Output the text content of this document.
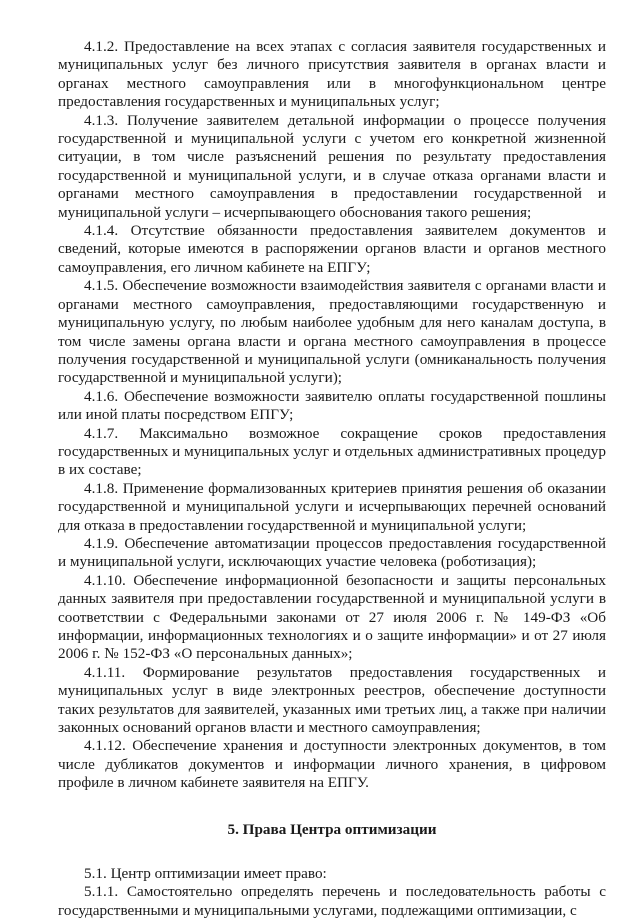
4.1.2. Предоставление на всех этапах с согласия заявителя государственных и муниципальных услуг без личного присутствия заявителя в органах власти и органах местного самоуправления или в многофункциональном центре предоставления государственных и муниципальных услуг;

4.1.3. Получение заявителем детальной информации о процессе получения государственной и муниципальной услуги с учетом его конкретной жизненной ситуации, в том числе разъяснений решения по результату предоставления государственной и муниципальной услуги, и в случае отказа органами власти и органами местного самоуправления в предоставлении государственной и муниципальной услуги – исчерпывающего обоснования такого решения;

4.1.4. Отсутствие обязанности предоставления заявителем документов и сведений, которые имеются в распоряжении органов власти и органов местного самоуправления, его личном кабинете на ЕПГУ;

4.1.5. Обеспечение возможности взаимодействия заявителя с органами власти и органами местного самоуправления, предоставляющими государственную и муниципальную услугу, по любым наиболее удобным для него каналам доступа, в том числе замены органа власти и органа местного самоуправления в процессе получения государственной и муниципальной услуги (омниканальность получения государственной и муниципальной услуги);

4.1.6. Обеспечение возможности заявителю оплаты государственной пошлины или иной платы посредством ЕПГУ;

4.1.7. Максимально возможное сокращение сроков предоставления государственных и муниципальных услуг и отдельных административных процедур в их составе;

4.1.8. Применение формализованных критериев принятия решения об оказании государственной и муниципальной услуги и исчерпывающих перечней оснований для отказа в предоставлении государственной и муниципальной услуги;

4.1.9. Обеспечение автоматизации процессов предоставления государственной и муниципальной услуги, исключающих участие человека (роботизация);

4.1.10. Обеспечение информационной безопасности и защиты персональных данных заявителя при предоставлении государственной и муниципальной услуги в соответствии с Федеральными законами от 27 июля 2006 г. № 149-ФЗ «Об информации, информационных технологиях и о защите информации» и от 27 июля 2006 г. № 152-ФЗ «О персональных данных»;

4.1.11. Формирование результатов предоставления государственных и муниципальных услуг в виде электронных реестров, обеспечение доступности таких результатов для заявителей, указанных ими третьих лиц, а также при наличии законных оснований органов власти и местного самоуправления;

4.1.12. Обеспечение хранения и доступности электронных документов, в том числе дубликатов документов и информации личного хранения, в цифровом профиле в личном кабинете заявителя на ЕПГУ.

5. Права Центра оптимизации

5.1. Центр оптимизации имеет право:

5.1.1. Самостоятельно определять перечень и последовательность работы с государственными и муниципальными услугами, подлежащими оптимизации, с
